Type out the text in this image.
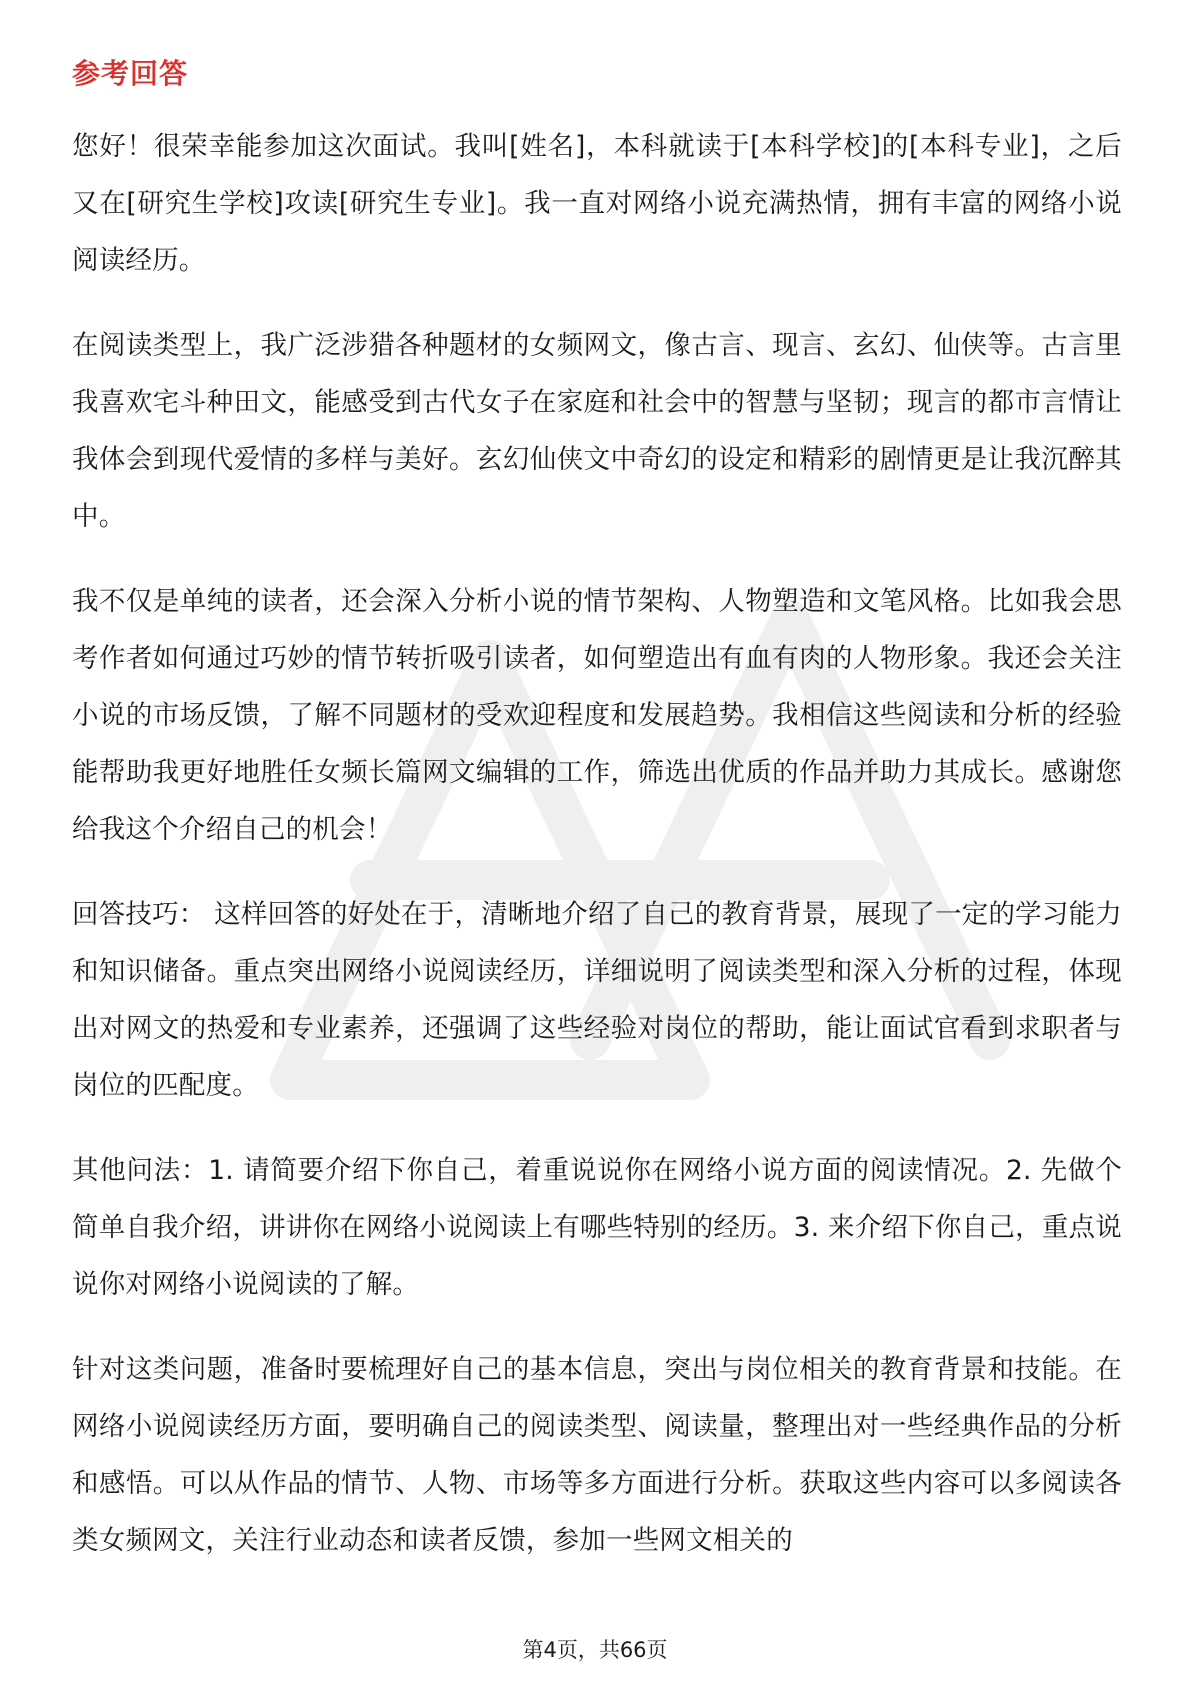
参考回答

您好！很荣幸能参加这次面试。我叫[姓名]，本科就读于[本科学校]的[本科专业]，之后又在[研究生学校]攻读[研究生专业]。我一直对网络小说充满热情，拥有丰富的网络小说阅读经历。

在阅读类型上，我广泛涉猎各种题材的女频网文，像古言、现言、玄幻、仙侠等。古言里我喜欢宅斗种田文，能感受到古代女子在家庭和社会中的智慧与坚韧；现言的都市言情让我体会到现代爱情的多样与美好。玄幻仙侠文中奇幻的设定和精彩的剧情更是让我沉醉其中。

我不仅是单纯的读者，还会深入分析小说的情节架构、人物塑造和文笔风格。比如我会思考作者如何通过巧妙的情节转折吸引读者，如何塑造出有血有肉的人物形象。我还会关注小说的市场反馈，了解不同题材的受欢迎程度和发展趋势。我相信这些阅读和分析的经验能帮助我更好地胜任女频长篇网文编辑的工作，筛选出优质的作品并助力其成长。感谢您给我这个介绍自己的机会！

回答技巧： 这样回答的好处在于，清晰地介绍了自己的教育背景，展现了一定的学习能力和知识储备。重点突出网络小说阅读经历，详细说明了阅读类型和深入分析的过程，体现出对网文的热爱和专业素养，还强调了这些经验对岗位的帮助，能让面试官看到求职者与岗位的匹配度。

其他问法：1. 请简要介绍下你自己，着重说说你在网络小说方面的阅读情况。2. 先做个简单自我介绍，讲讲你在网络小说阅读上有哪些特别的经历。3. 来介绍下你自己，重点说说你对网络小说阅读的了解。

针对这类问题，准备时要梳理好自己的基本信息，突出与岗位相关的教育背景和技能。在网络小说阅读经历方面，要明确自己的阅读类型、阅读量，整理出对一些经典作品的分析和感悟。可以从作品的情节、人物、市场等多方面进行分析。获取这些内容可以多阅读各类女频网文，关注行业动态和读者反馈，参加一些网文相关的

第4页，共66页
